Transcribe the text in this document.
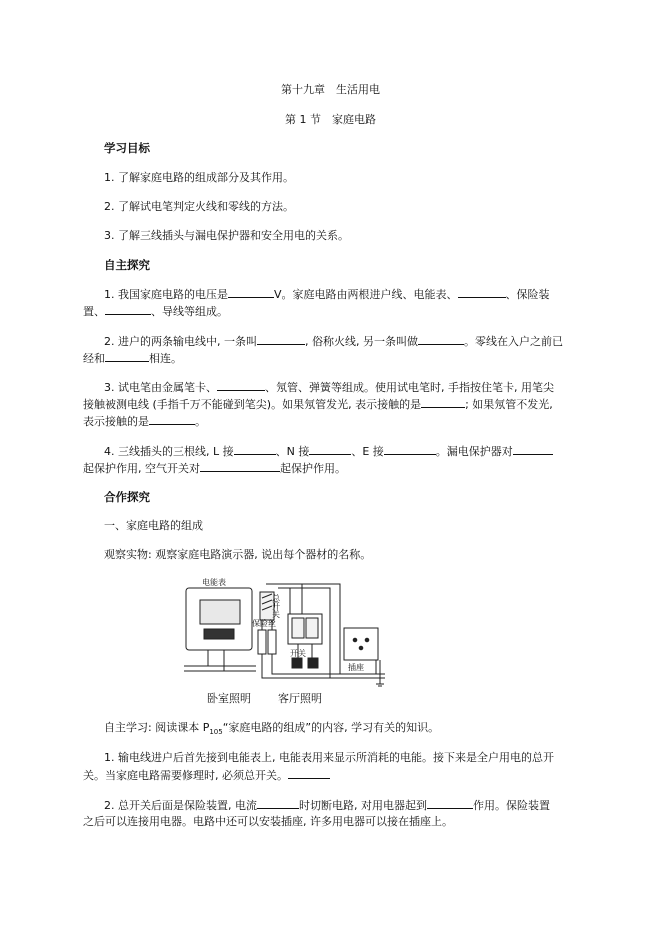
第十九章　生活用电
第 1 节　家庭电路
学习目标
1. 了解家庭电路的组成部分及其作用。
2. 了解试电笔判定火线和零线的方法。
3. 了解三线插头与漏电保护器和安全用电的关系。
自主探究
1. 我国家庭电路的电压是	V。家庭电路由两根进户线、电能表、	、保险装
置、	、导线等组成。
2. 进户的两条输电线中, 一条叫	, 俗称火线, 另一条叫做	。零线在入户之前已
经和	相连。
3. 试电笔由金属笔卡、	、氖管、弹簧等组成。使用试电笔时, 手指按住笔卡, 用笔尖
接触被测电线 (手指千万不能碰到笔尖)。如果氖管发光, 表示接触的是	; 如果氖管不发光,
表示接触的是	。
4. 三线插头的三根线, L 接	、N 接	、E 接	。漏电保护器对
起保护作用, 空气开关对	起保护作用。
合作探究
一、家庭电路的组成
观察实物: 观察家庭电路演示器, 说出每个器材的名称。
电能表
保险丝
开关
插座
总开关
卧室照明 客厅照明
自主学习: 阅读课本 $P_{105}“$家庭电路的组成”的内容, 学习有关的知识。
1. 输电线进户后首先接到电能表上, 电能表用来显示所消耗的电能。接下来是全户用电的总开
关。当家庭电路需要修理时, 必须总开关。
2. 总开关后面是保险装置, 电流	时切断电路, 对用电器起到	作用。保险装置
之后可以连接用电器。电路中还可以安装插座, 许多用电器可以接在插座上。
